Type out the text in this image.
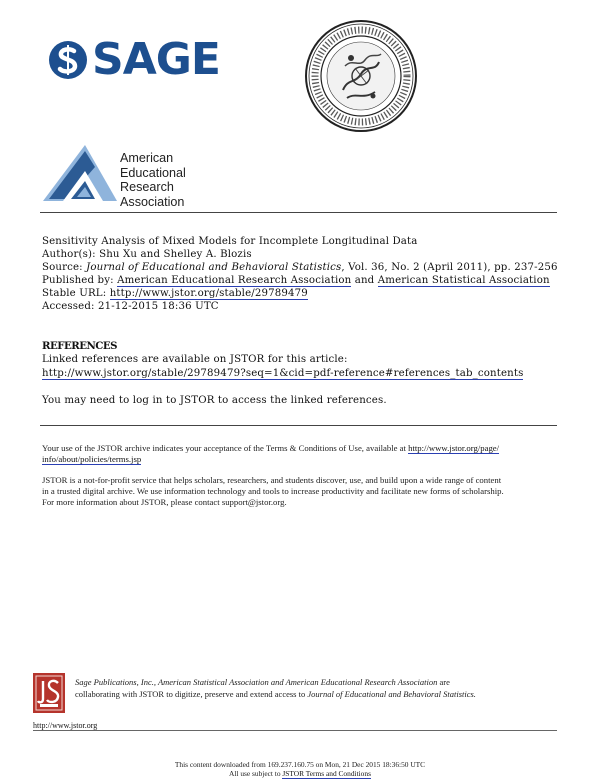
SAGE
American
Educational
Research
Association
Sensitivity Analysis of Mixed Models for Incomplete Longitudinal Data
Author(s): Shu Xu and Shelley A. Blozis
Source: Journal of Educational and Behavioral Statistics, Vol. 36, No. 2 (April 2011), pp. 237-256
Published by: American Educational Research Association and American Statistical Association
Stable URL: http://www.jstor.org/stable/29789479
Accessed: 21-12-2015 18:36 UTC
REFERENCES
Linked references are available on JSTOR for this article:
http://www.jstor.org/stable/29789479?seq=1&cid=pdf-reference#references_tab_contents
You may need to log in to JSTOR to access the linked references.
Your use of the JSTOR archive indicates your acceptance of the Terms & Conditions of Use, available at http://www.jstor.org/page/
info/about/policies/terms.jsp
JSTOR is a not-for-profit service that helps scholars, researchers, and students discover, use, and build upon a wide range of content
in a trusted digital archive. We use information technology and tools to increase productivity and facilitate new forms of scholarship.
For more information about JSTOR, please contact support@jstor.org.
Sage Publications, Inc., American Statistical Association and American Educational Research Association are
collaborating with JSTOR to digitize, preserve and extend access to Journal of Educational and Behavioral Statistics.
http://www.jstor.org
This content downloaded from 169.237.160.75 on Mon, 21 Dec 2015 18:36:50 UTC
All use subject to JSTOR Terms and Conditions
